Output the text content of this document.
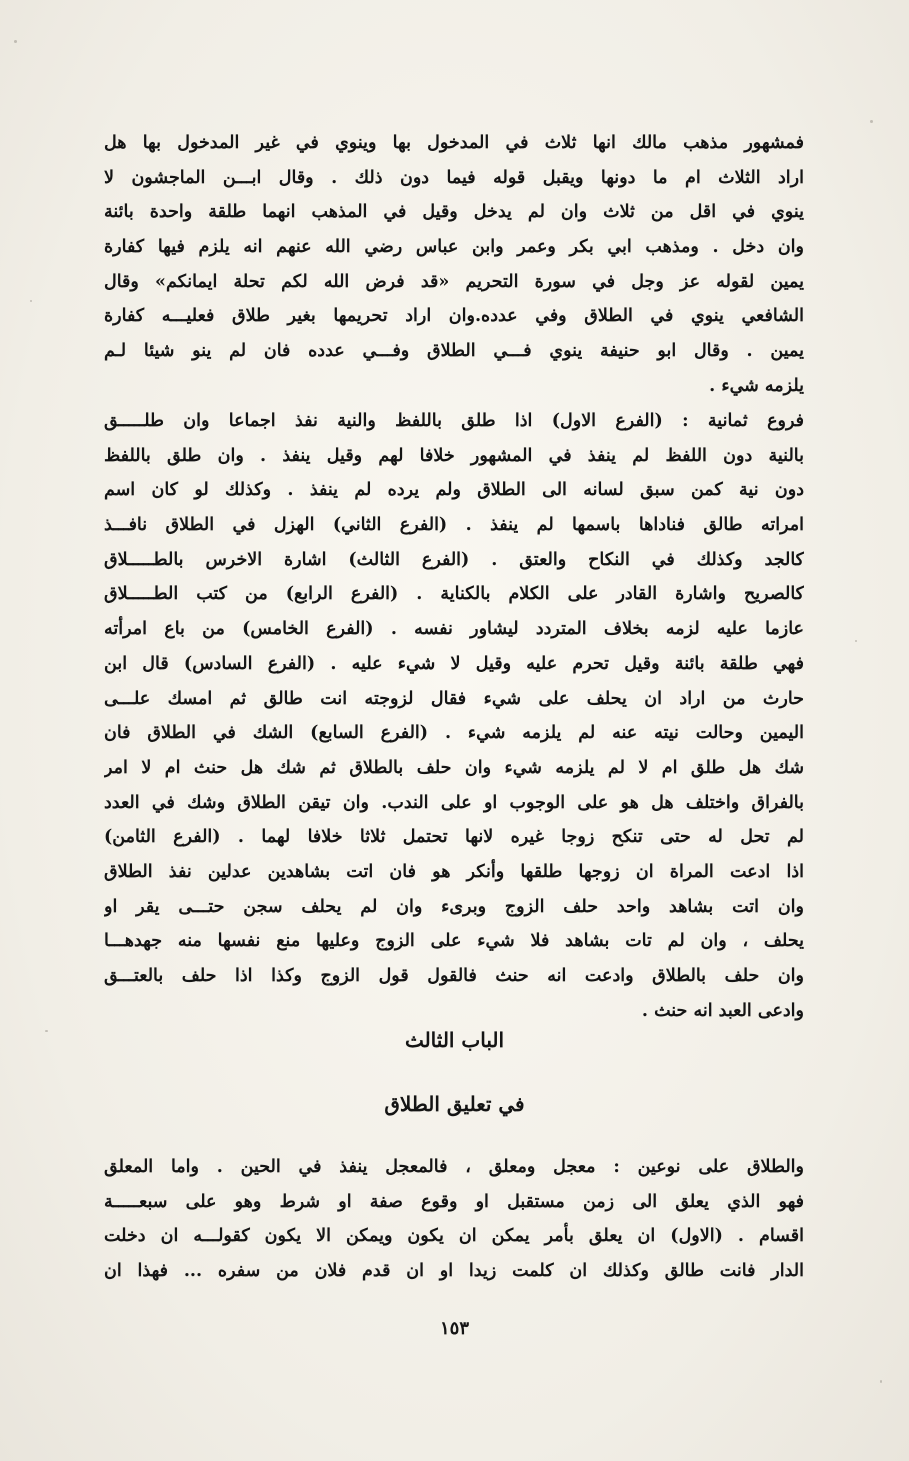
فمشهور مذهب مالك انها ثلاث في المدخول بها وينوي في غير المدخول بها هل
اراد الثلاث ام ما دونها ويقبل قوله فيما دون ذلك . وقال ابـــن الماجشون لا
ينوي في اقل من ثلاث وان لم يدخل وقيل في المذهب انهما طلقة واحدة بائنة
وان دخل . ومذهب ابي بكر وعمر وابن عباس رضي الله عنهم انه يلزم فيها كفارة
يمين لقوله عز وجل في سورة التحريم «قد فرض الله لكم تحلة ايمانكم» وقال
الشافعي ينوي في الطلاق وفي عدده.وان اراد تحريمها بغير طلاق فعليـــه كفارة
يمين . وقال ابو حنيفة ينوي فـــي الطلاق وفـــي عدده فان لم ينو شيئا لـم
يلزمه شيء .
فروع ثمانية : (الفرع الاول) اذا طلق باللفظ والنية نفذ اجماعا وان طلـــــق
بالنية دون اللفظ لم ينفذ في المشهور خلافا لهم وقيل ينفذ . وان طلق باللفظ
دون نية كمن سبق لسانه الى الطلاق ولم يرده لم ينفذ . وكذلك لو كان اسم
امراته طالق فناداها باسمها لم ينفذ . (الفرع الثاني) الهزل في الطلاق نافـــذ
كالجد وكذلك في النكاح والعتق . (الفرع الثالث) اشارة الاخرس بالطـــــلاق
كالصريح واشارة القادر على الكلام بالكناية . (الفرع الرابع) من كتب الطـــــلاق
عازما عليه لزمه بخلاف المتردد ليشاور نفسه . (الفرع الخامس) من باع امرأته
فهي طلقة بائنة وقيل تحرم عليه وقيل لا شيء عليه . (الفرع السادس) قال ابن
حارث من اراد ان يحلف على شيء فقال لزوجته انت طالق ثم امسك علـــى
اليمين وحالت نيته عنه لم يلزمه شيء . (الفرع السابع) الشك في الطلاق فان
شك هل طلق ام لا لم يلزمه شيء وان حلف بالطلاق ثم شك هل حنث ام لا امر
بالفراق واختلف هل هو على الوجوب او على الندب. وان تيقن الطلاق وشك في العدد
لم تحل له حتى تنكح زوجا غيره لانها تحتمل ثلاثا خلافا لهما . (الفرع الثامن)
اذا ادعت المراة ان زوجها طلقها وأنكر هو فان اتت بشاهدين عدلين نفذ الطلاق
وان اتت بشاهد واحد حلف الزوج وبرىء وان لم يحلف سجن حتـــى يقر او
يحلف ، وان لم تات بشاهد فلا شيء على الزوج وعليها منع نفسها منه جهدهـــا
وان حلف بالطلاق وادعت انه حنث فالقول قول الزوج وكذا اذا حلف بالعتـــق
وادعى العبد انه حنث .
الباب الثالث
في تعليق الطلاق
والطلاق على نوعين : معجل ومعلق ، فالمعجل ينفذ في الحين . واما المعلق
فهو الذي يعلق الى زمن مستقبل او وقوع صفة او شرط وهو على سبعـــــة
اقسام . (الاول) ان يعلق بأمر يمكن ان يكون ويمكن الا يكون كقولـــه ان دخلت
الدار فانت طالق وكذلك ان كلمت زيدا او ان قدم فلان من سفره ... فهذا ان
١٥٣
